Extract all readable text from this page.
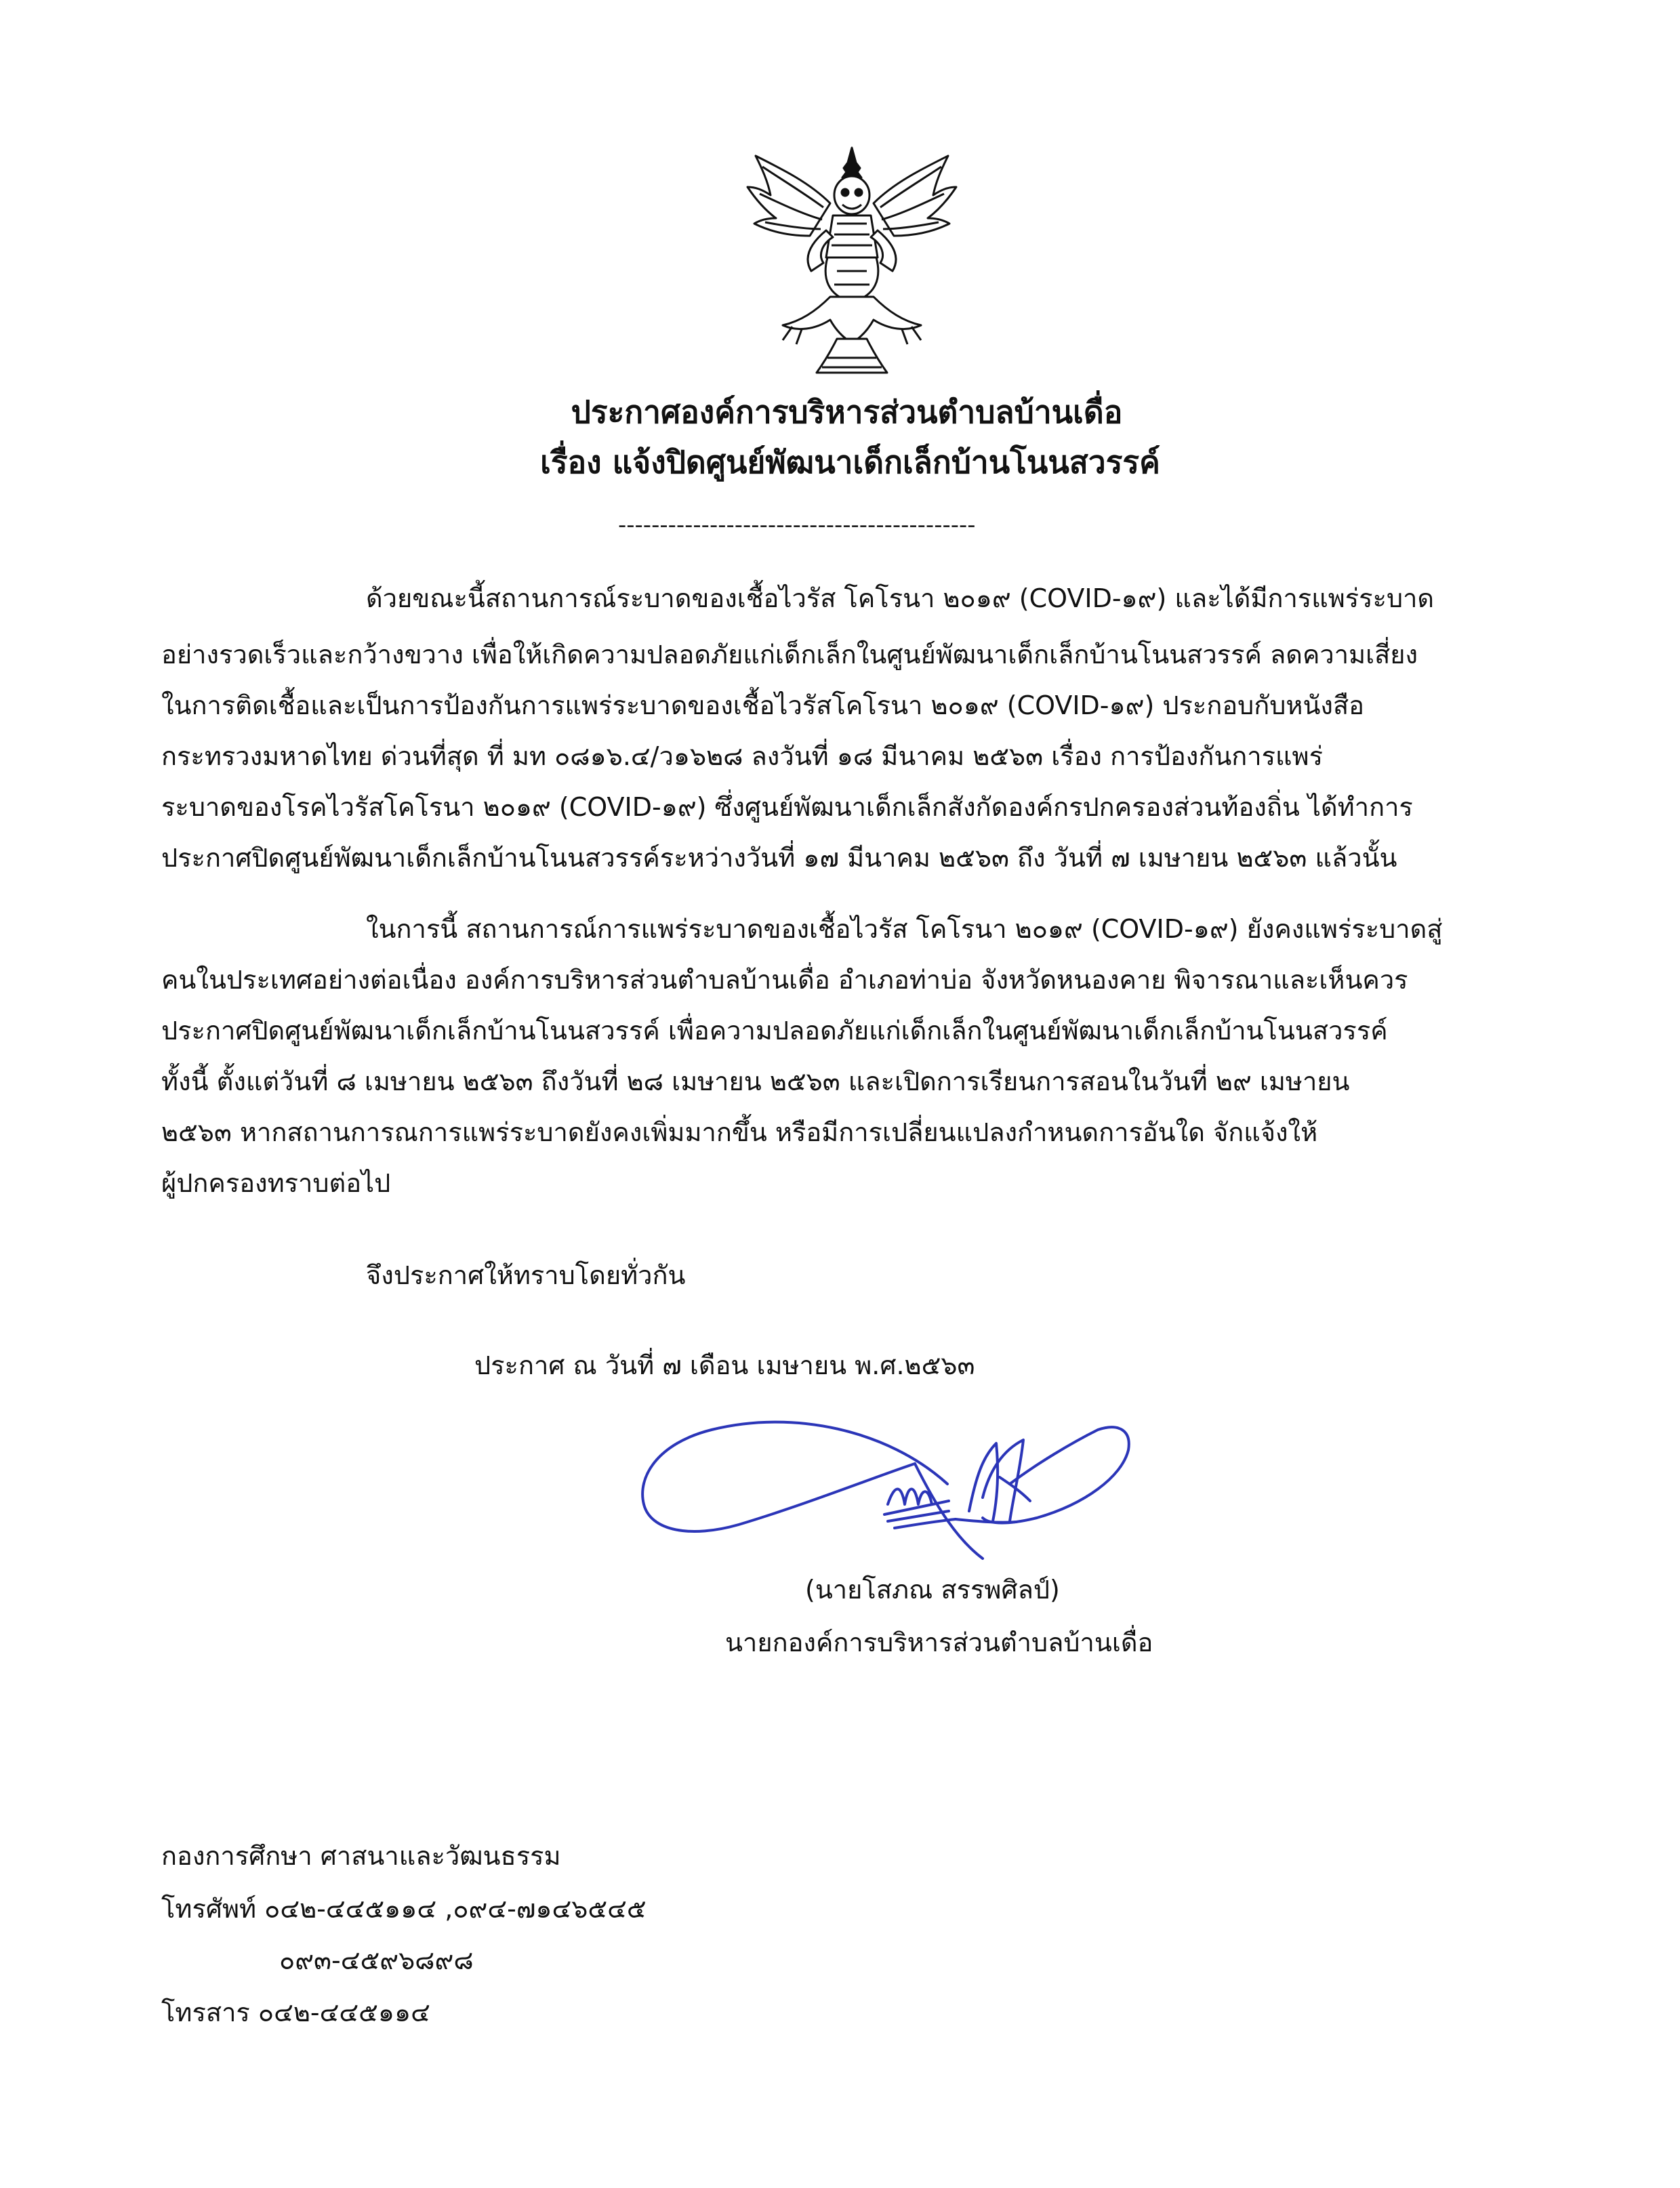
ประกาศองค์การบริหารส่วนตำบลบ้านเดื่อ
เรื่อง แจ้งปิดศูนย์พัฒนาเด็กเล็กบ้านโนนสวรรค์
-------------------------------------------
ด้วยขณะนี้สถานการณ์ระบาดของเชื้อไวรัส โคโรนา ๒๐๑๙ (COVID-๑๙) และได้มีการแพร่ระบาด
อย่างรวดเร็วและกว้างขวาง เพื่อให้เกิดความปลอดภัยแก่เด็กเล็กในศูนย์พัฒนาเด็กเล็กบ้านโนนสวรรค์ ลดความเสี่ยง
ในการติดเชื้อและเป็นการป้องกันการแพร่ระบาดของเชื้อไวรัสโคโรนา ๒๐๑๙ (COVID-๑๙) ประกอบกับหนังสือ
กระทรวงมหาดไทย ด่วนที่สุด ที่ มท ๐๘๑๖.๔/ว๑๖๒๘ ลงวันที่ ๑๘ มีนาคม ๒๕๖๓ เรื่อง การป้องกันการแพร่
ระบาดของโรคไวรัสโคโรนา ๒๐๑๙ (COVID-๑๙) ซึ่งศูนย์พัฒนาเด็กเล็กสังกัดองค์กรปกครองส่วนท้องถิ่น ได้ทำการ
ประกาศปิดศูนย์พัฒนาเด็กเล็กบ้านโนนสวรรค์ระหว่างวันที่ ๑๗ มีนาคม ๒๕๖๓ ถึง วันที่ ๗ เมษายน ๒๕๖๓ แล้วนั้น
ในการนี้ สถานการณ์การแพร่ระบาดของเชื้อไวรัส โคโรนา ๒๐๑๙ (COVID-๑๙) ยังคงแพร่ระบาดสู่
คนในประเทศอย่างต่อเนื่อง องค์การบริหารส่วนตำบลบ้านเดื่อ อำเภอท่าบ่อ จังหวัดหนองคาย พิจารณาและเห็นควร
ประกาศปิดศูนย์พัฒนาเด็กเล็กบ้านโนนสวรรค์ เพื่อความปลอดภัยแก่เด็กเล็กในศูนย์พัฒนาเด็กเล็กบ้านโนนสวรรค์
ทั้งนี้ ตั้งแต่วันที่ ๘ เมษายน ๒๕๖๓ ถึงวันที่ ๒๘ เมษายน ๒๕๖๓ และเปิดการเรียนการสอนในวันที่ ๒๙ เมษายน
๒๕๖๓ หากสถานการณการแพร่ระบาดยังคงเพิ่มมากขึ้น หรือมีการเปลี่ยนแปลงกำหนดการอันใด จักแจ้งให้
ผู้ปกครองทราบต่อไป
จึงประกาศให้ทราบโดยทั่วกัน
ประกาศ ณ วันที่ ๗ เดือน เมษายน พ.ศ.๒๕๖๓
(นายโสภณ สรรพศิลป์)
นายกองค์การบริหารส่วนตำบลบ้านเดื่อ
กองการศึกษา ศาสนาและวัฒนธรรม
โทรศัพท์ ๐๔๒-๔๔๕๑๑๔ ,๐๙๔-๗๑๔๖๕๔๕
๐๙๓-๔๕๙๖๘๙๘
โทรสาร ๐๔๒-๔๔๕๑๑๔
